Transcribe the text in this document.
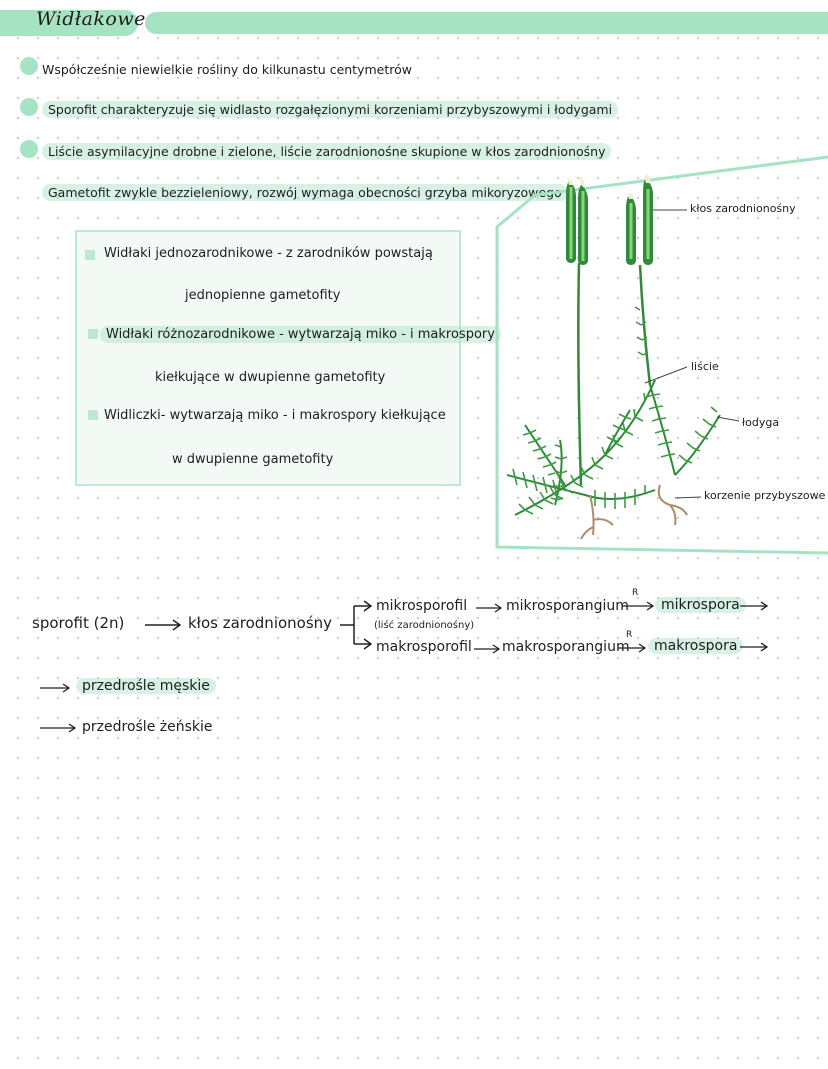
Widłakowe
Współcześnie niewielkie rośliny do kilkunastu centymetrów
Sporofit charakteryzuje się widlasto rozgałęzionymi korzeniami przybyszowymi i łodygami
Liście asymilacyjne drobne i zielone, liście zarodnionośne skupione w kłos zarodnionośny
Gametofit zwykle bezzieleniowy, rozwój wymaga obecności grzyba mikoryzowego
Widłaki jednozarodnikowe - z zarodników powstają
jednopienne gametofity
Widłaki różnozarodnikowe - wytwarzają miko - i makrospory
kiełkujące w dwupienne gametofity
Widliczki- wytwarzają miko - i makrospory kiełkujące
w dwupienne gametofity
kłos zarodnionośny
liście
łodyga
korzenie przybyszowe
sporofit (2n)	kłos zarodnionośny
mikrosporofil
(liść zarodnionośny)
mikrosporangium
R
mikrospora
makrosporofil makrosporangium
R
makrospora
przedrośle męskie
przedrośle żeńskie
